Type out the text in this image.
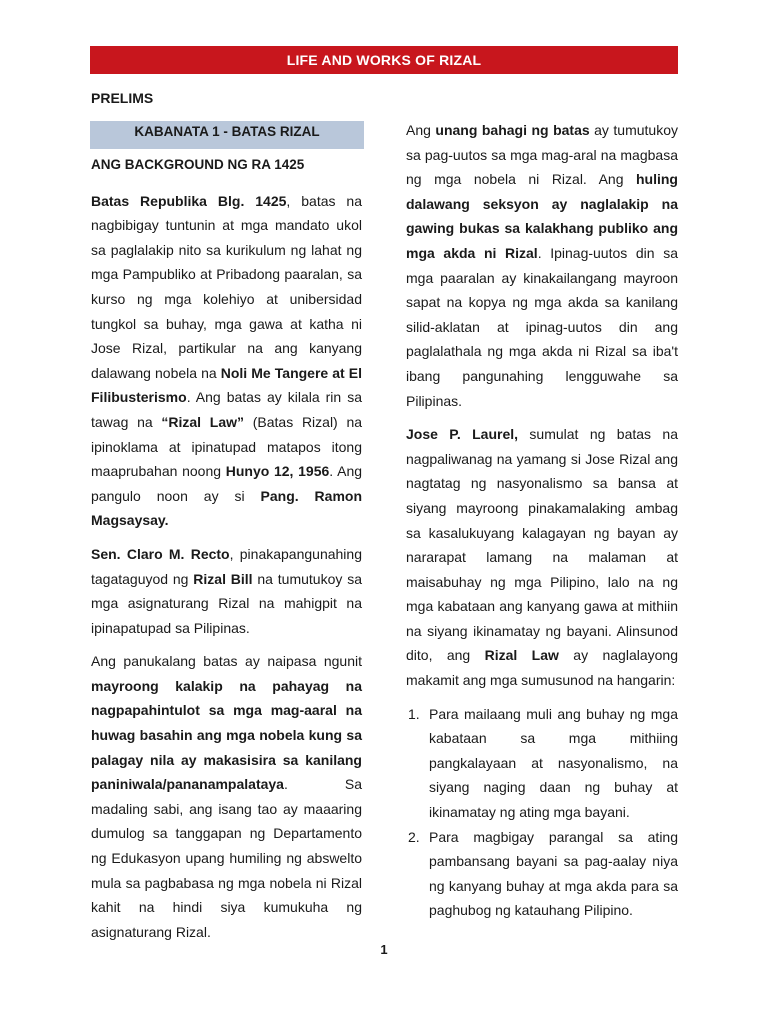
LIFE AND WORKS OF RIZAL
PRELIMS
KABANATA 1 - BATAS RIZAL

ANG BACKGROUND NG RA 1425

Batas Republika Blg. 1425, batas na nagbibigay tuntunin at mga mandato ukol sa paglalakip nito sa kurikulum ng lahat ng mga Pampubliko at Pribadong paaralan, sa kurso ng mga kolehiyo at unibersidad tungkol sa buhay, mga gawa at katha ni Jose Rizal, partikular na ang kanyang dalawang nobela na Noli Me Tangere at El Filibusterismo. Ang batas ay kilala rin sa tawag na “Rizal Law” (Batas Rizal) na ipinoklama at ipinatupad matapos itong maaprubahan noong Hunyo 12, 1956. Ang pangulo noon ay si Pang. Ramon Magsaysay.

Sen. Claro M. Recto, pinakapangunahing tagataguyod ng Rizal Bill na tumutukoy sa mga asignaturang Rizal na mahigpit na ipinapatupad sa Pilipinas.

Ang panukalang batas ay naipasa ngunit mayroong kalakip na pahayag na nagpapahintulot sa mga mag-aaral na huwag basahin ang mga nobela kung sa palagay nila ay makasisira sa kanilang paniniwala/pananampalataya. Sa madaling sabi, ang isang tao ay maaaring dumulog sa tanggapan ng Departamento ng Edukasyon upang humiling ng abswelto mula sa pagbabasa ng mga nobela ni Rizal kahit na hindi siya kumukuha ng asignaturang Rizal.

Ang unang bahagi ng batas ay tumutukoy sa pag-uutos sa mga mag-aral na magbasa ng mga nobela ni Rizal. Ang huling dalawang seksyon ay naglalakip na gawing bukas sa kalakhang publiko ang mga akda ni Rizal. Ipinag-uutos din sa mga paaralan ay kinakailangang mayroon sapat na kopya ng mga akda sa kanilang silid-aklatan at ipinag-uutos din ang paglalathala ng mga akda ni Rizal sa iba't ibang pangunahing lengguwahe sa Pilipinas.

Jose P. Laurel, sumulat ng batas na nagpaliwanag na yamang si Jose Rizal ang nagtatag ng nasyonalismo sa bansa at siyang mayroong pinakamalaking ambag sa kasalukuyang kalagayan ng bayan ay nararapat lamang na malaman at maisabuhay ng mga Pilipino, lalo na ng mga kabataan ang kanyang gawa at mithiin na siyang ikinamatay ng bayani. Alinsunod dito, ang Rizal Law ay naglalayong makamit ang mga sumusunod na hangarin:

1. Para mailaang muli ang buhay ng mga kabataan sa mga mithiing pangkalayaan at nasyonalismo, na siyang naging daan ng buhay at ikinamatay ng ating mga bayani.
2. Para magbigay parangal sa ating pambansang bayani sa pag-aalay niya ng kanyang buhay at mga akda para sa paghubog ng katauhang Pilipino.
1
